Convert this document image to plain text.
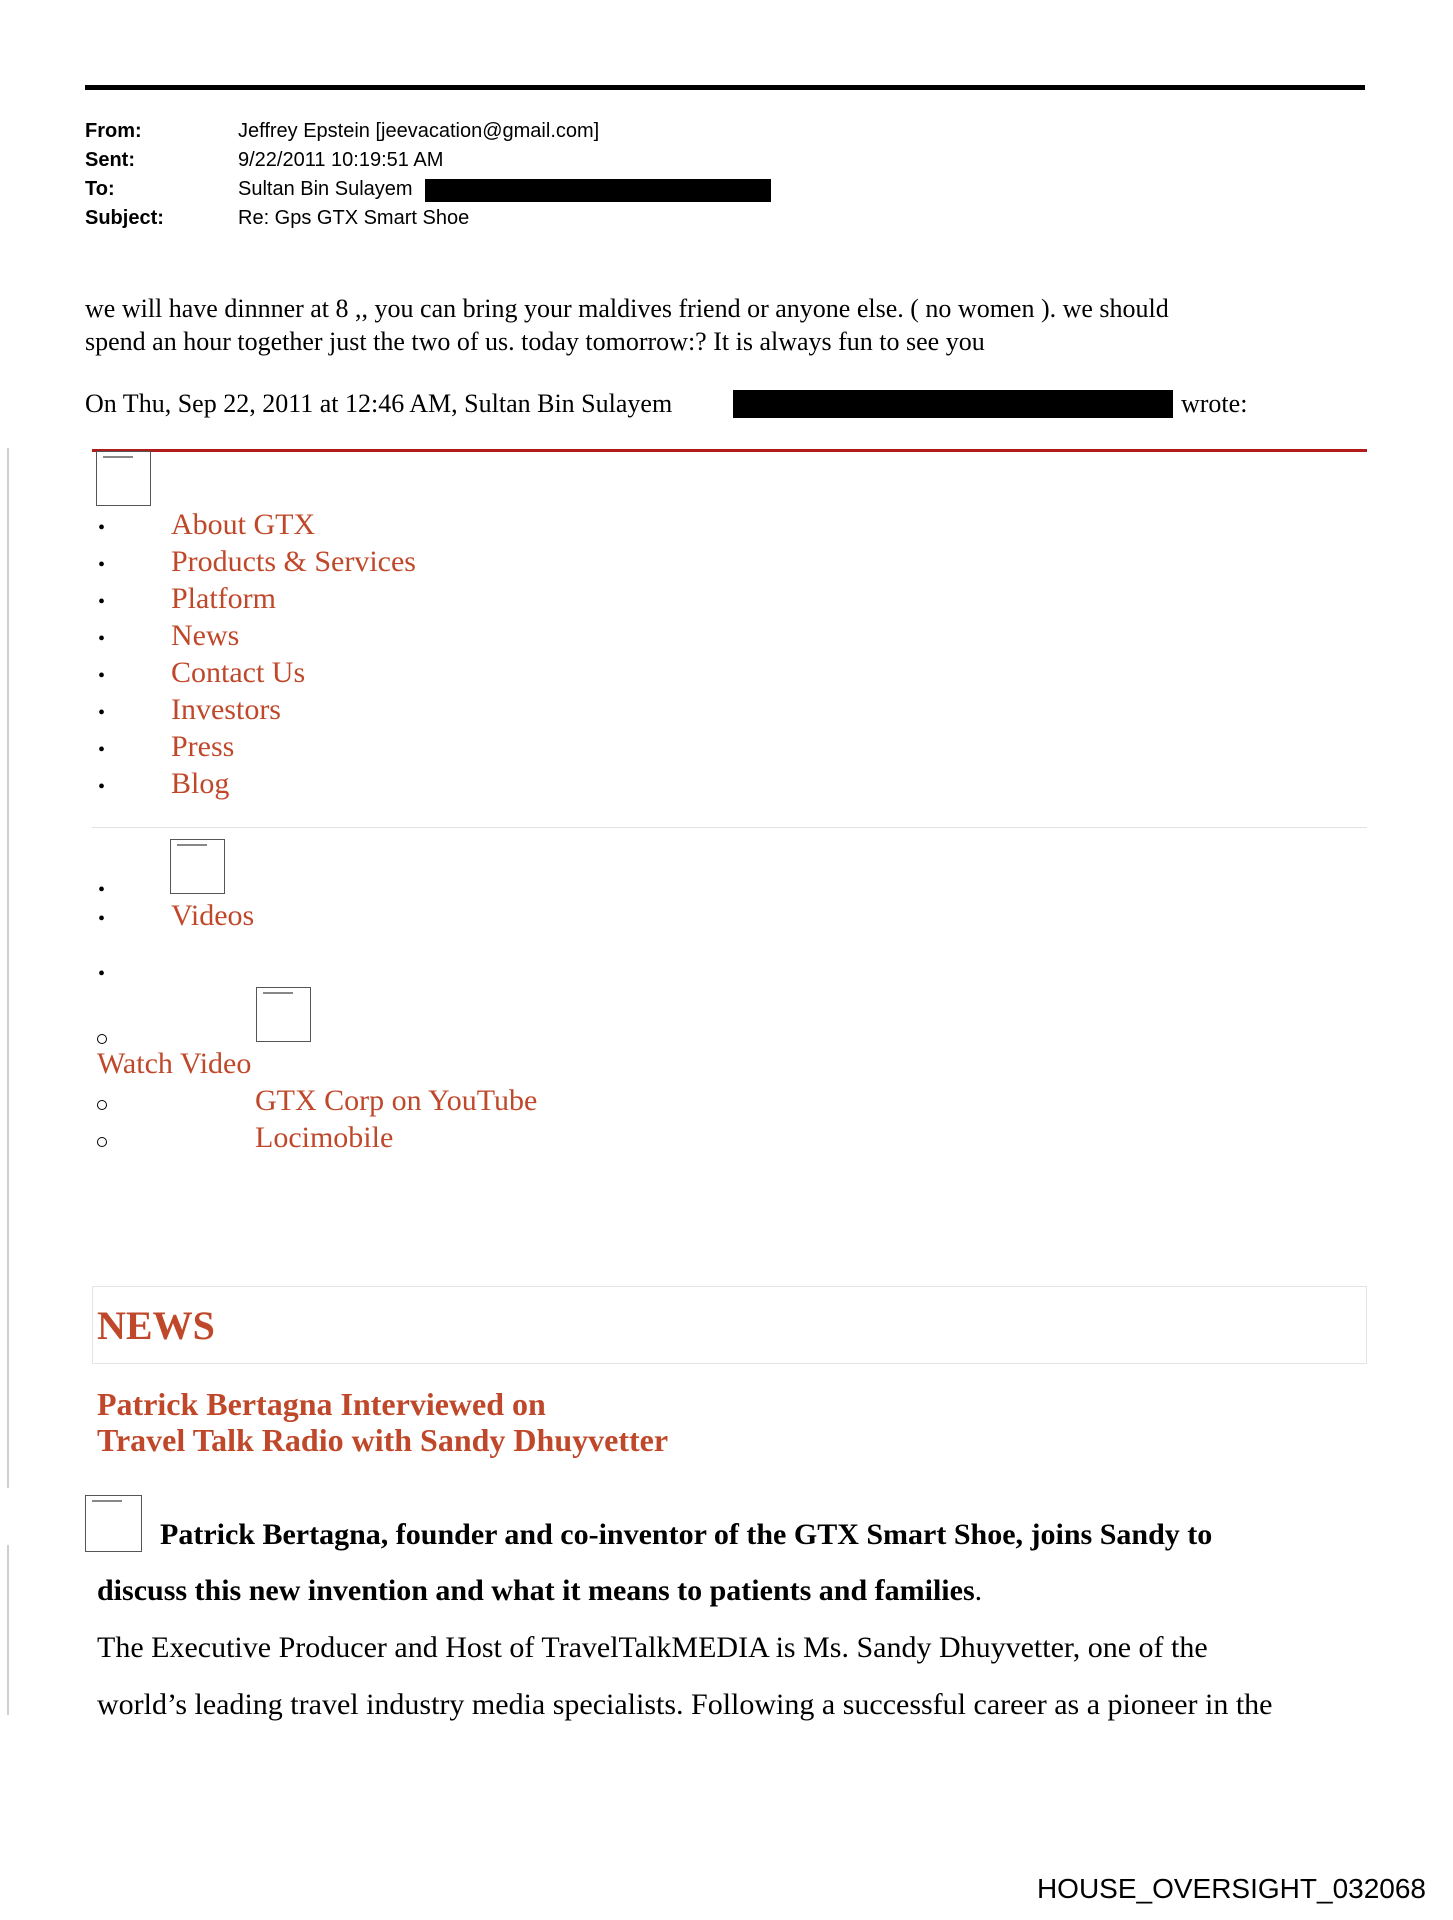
From:	Jeffrey Epstein [jeevacation@gmail.com]
Sent:	9/22/2011 10:19:51 AM
To:	Sultan Bin Sulayem
Subject:	Re: Gps GTX Smart Shoe
we will have dinnner at 8 ,, you can bring your maldives friend or anyone else. ( no women ). we should
spend an hour together just the two of us. today tomorrow:? It is always fun to see you
On Thu, Sep 22, 2011 at 12:46 AM, Sultan Bin Sulayem	wrote:
• About GTX
• Products & Services
• Platform
• News
• Contact Us
• Investors
• Press
• Blog
•
• Videos
•
Watch Video
GTX Corp on YouTube
Locimobile
NEWS
Patrick Bertagna Interviewed on
Travel Talk Radio with Sandy Dhuyvetter
Patrick Bertagna, founder and co-inventor of the GTX Smart Shoe, joins Sandy to
discuss this new invention and what it means to patients and families.
The Executive Producer and Host of TravelTalkMEDIA is Ms. Sandy Dhuyvetter, one of the
world’s leading travel industry media specialists. Following a successful career as a pioneer in the
HOUSE_OVERSIGHT_032068
